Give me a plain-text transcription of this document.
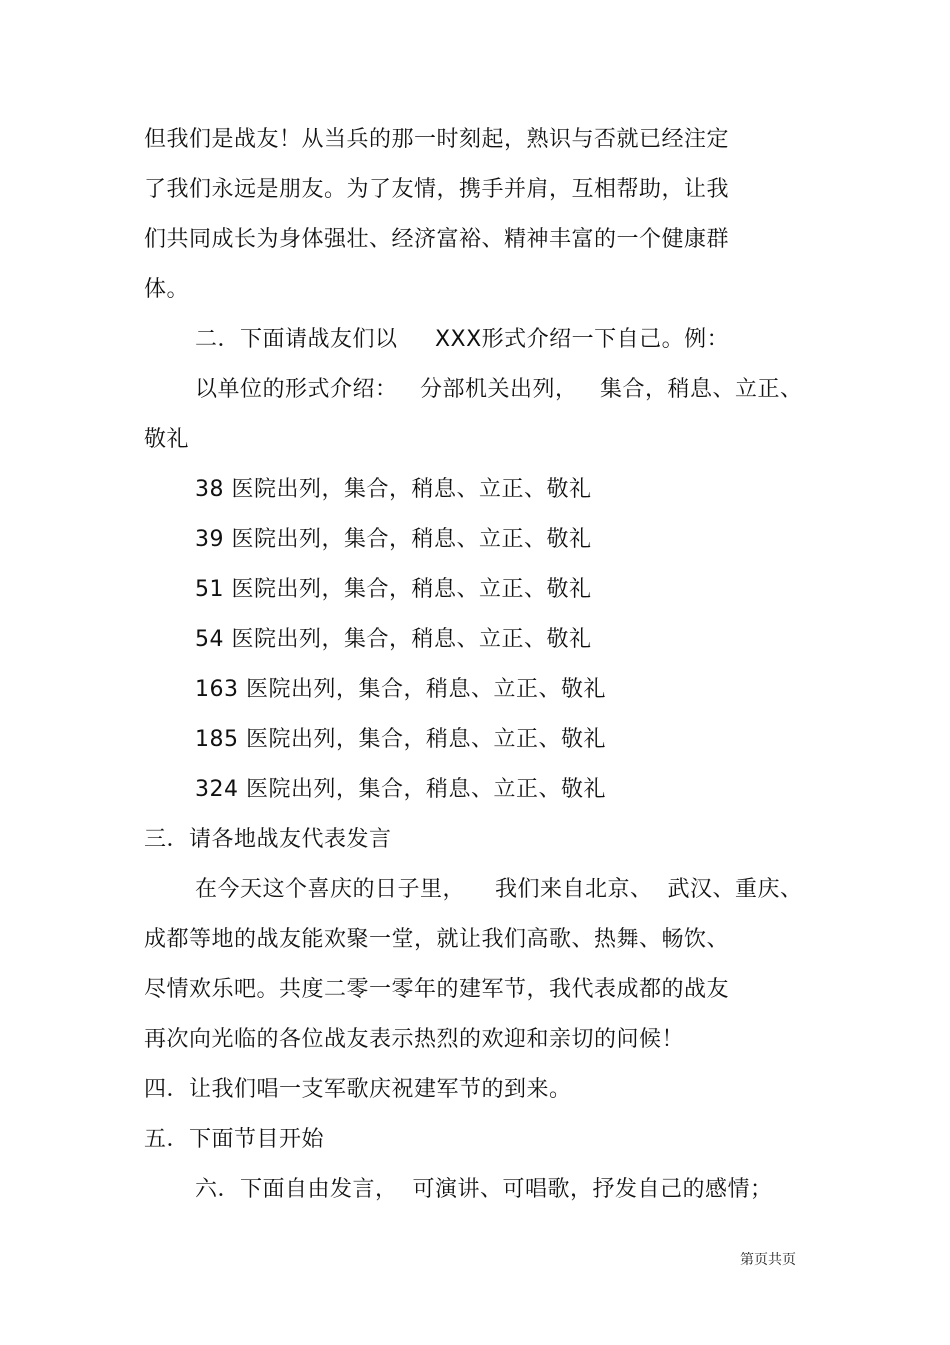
但我们是战友！从当兵的那一时刻起，熟识与否就已经注定
了我们永远是朋友。为了友情，携手并肩，互相帮助，让我
们共同成长为身体强壮、经济富裕、精神丰富的一个健康群
体。
二．下面请战友们以     XXX形式介绍一下自己。例：
以单位的形式介绍：   分部机关出列，   集合，稍息、立正、
敬礼
38 医院出列，集合，稍息、立正、敬礼
39 医院出列，集合，稍息、立正、敬礼
51 医院出列，集合，稍息、立正、敬礼
54 医院出列，集合，稍息、立正、敬礼
163 医院出列，集合，稍息、立正、敬礼
185 医院出列，集合，稍息、立正、敬礼
324 医院出列，集合，稍息、立正、敬礼
三．请各地战友代表发言
在今天这个喜庆的日子里，    我们来自北京、  武汉、重庆、
成都等地的战友能欢聚一堂，就让我们高歌、热舞、畅饮、
尽情欢乐吧。共度二零一零年的建军节，我代表成都的战友
再次向光临的各位战友表示热烈的欢迎和亲切的问候！
四．让我们唱一支军歌庆祝建军节的到来。
五．下面节目开始
六．下面自由发言，  可演讲、可唱歌，抒发自己的感情；
第页共页
